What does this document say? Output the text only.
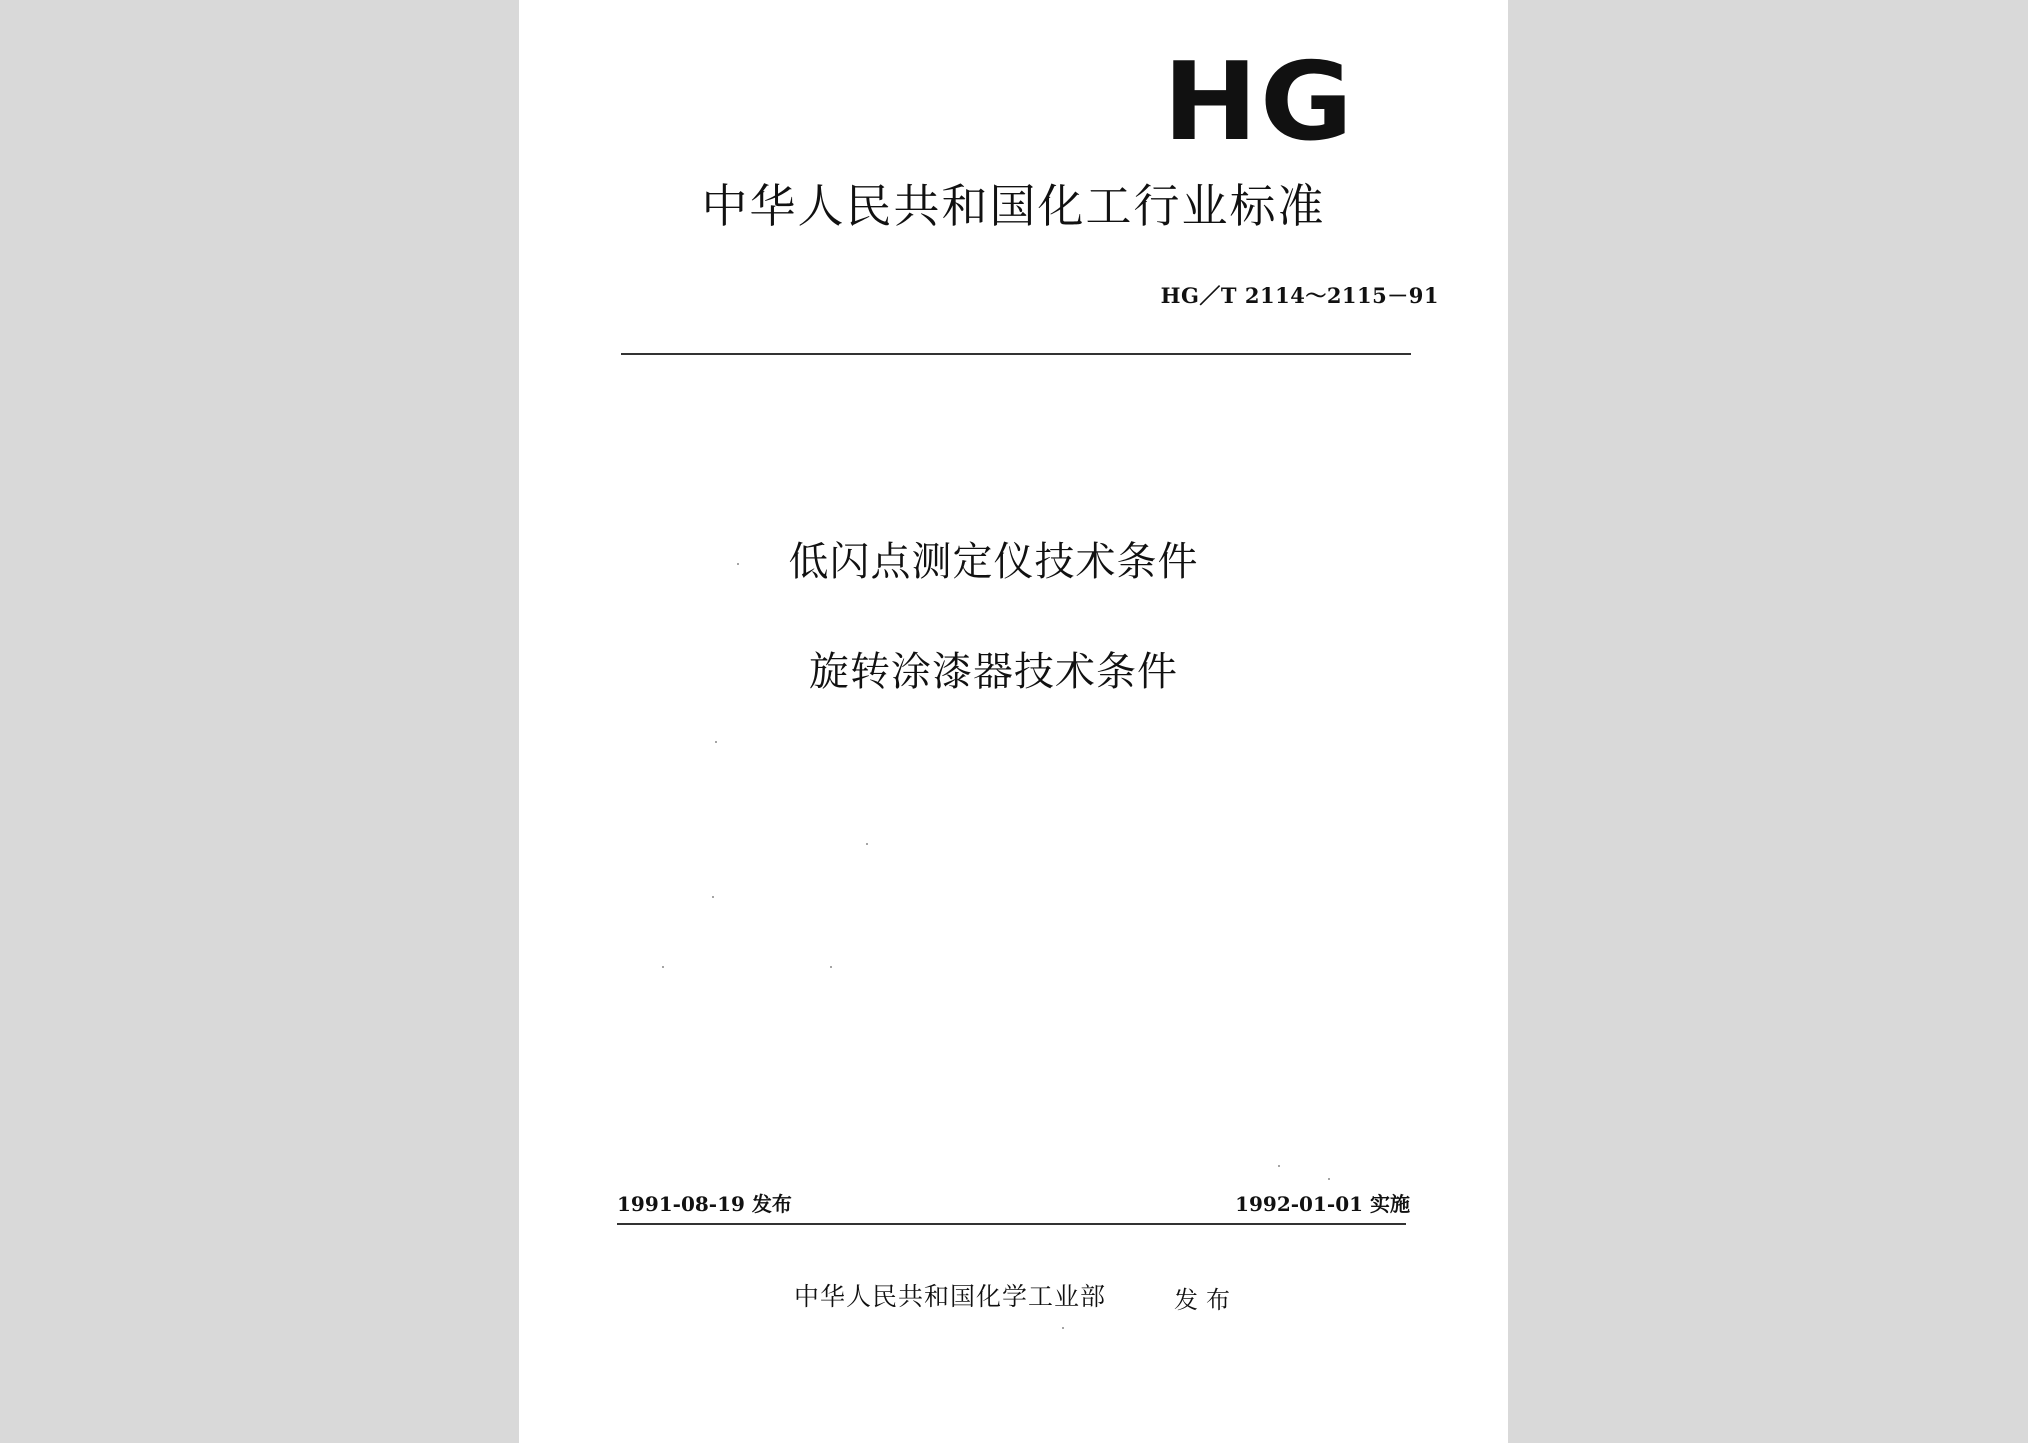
HG
中华人民共和国化工行业标准
HG／T 2114～2115－91
低闪点测定仪技术条件
旋转涂漆器技术条件
1991-08-19 发布	1992-01-01 实施
中华人民共和国化学工业部	发布
